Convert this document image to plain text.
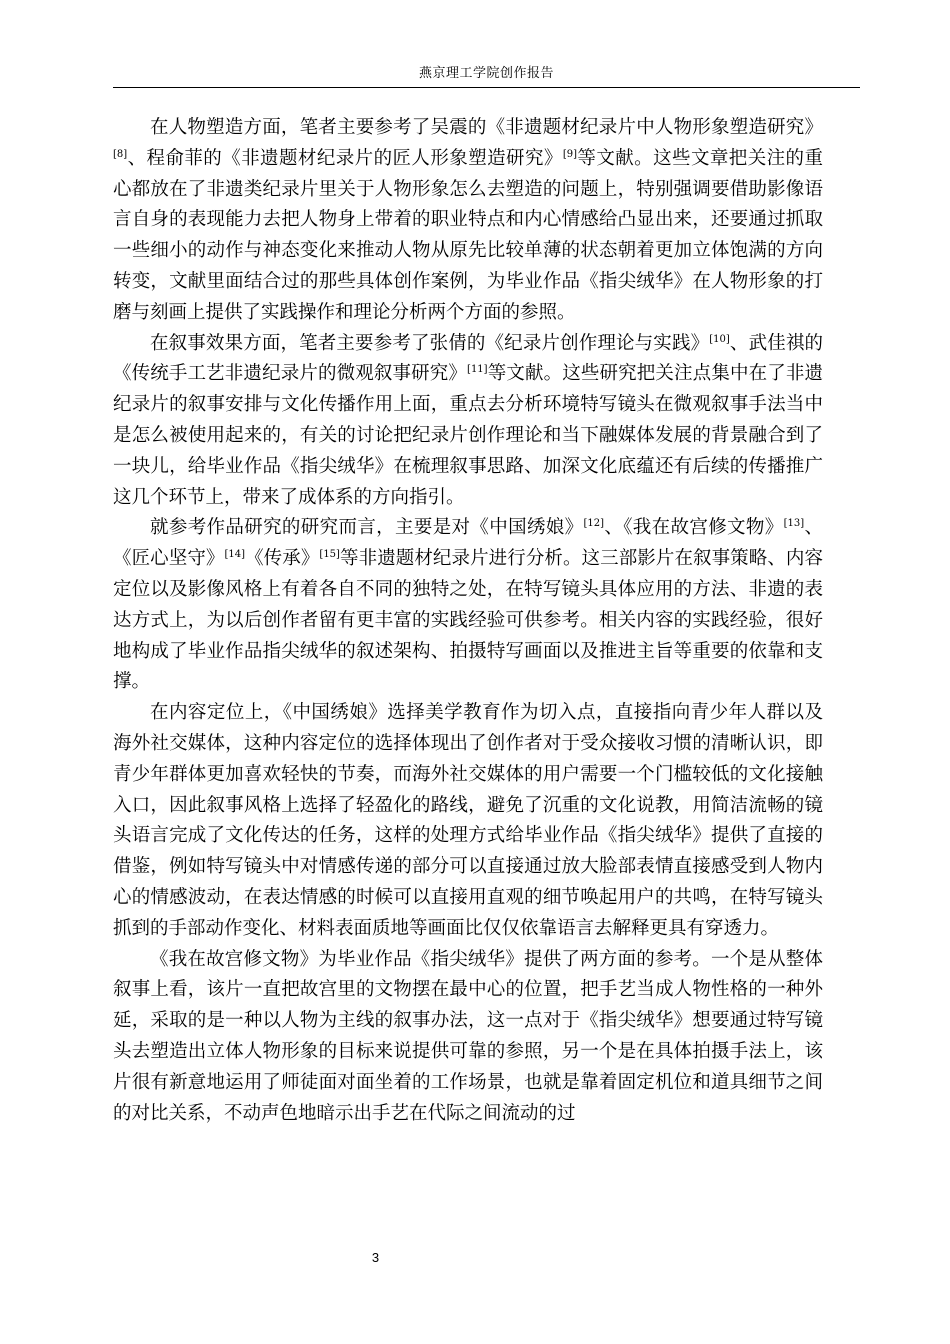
燕京理工学院创作报告

在人物塑造方面，笔者主要参考了吴震的《非遗题材纪录片中人物形象塑造研究》[8]、程俞菲的《非遗题材纪录片的匠人形象塑造研究》[9]等文献。这些文章把关注的重心都放在了非遗类纪录片里关于人物形象怎么去塑造的问题上，特别强调要借助影像语言自身的表现能力去把人物身上带着的职业特点和内心情感给凸显出来，还要通过抓取一些细小的动作与神态变化来推动人物从原先比较单薄的状态朝着更加立体饱满的方向转变，文献里面结合过的那些具体创作案例，为毕业作品《指尖绒华》在人物形象的打磨与刻画上提供了实践操作和理论分析两个方面的参照。

在叙事效果方面，笔者主要参考了张倩的《纪录片创作理论与实践》[10]、武佳祺的《传统手工艺非遗纪录片的微观叙事研究》[11]等文献。这些研究把关注点集中在了非遗纪录片的叙事安排与文化传播作用上面，重点去分析环境特写镜头在微观叙事手法当中是怎么被使用起来的，有关的讨论把纪录片创作理论和当下融媒体发展的背景融合到了一块儿，给毕业作品《指尖绒华》在梳理叙事思路、加深文化底蕴还有后续的传播推广这几个环节上，带来了成体系的方向指引。

就参考作品研究的研究而言，主要是对《中国绣娘》[12]、《我在故宫修文物》[13]、《匠心坚守》[14]《传承》[15]等非遗题材纪录片进行分析。这三部影片在叙事策略、内容定位以及影像风格上有着各自不同的独特之处，在特写镜头具体应用的方法、非遗的表达方式上，为以后创作者留有更丰富的实践经验可供参考。相关内容的实践经验，很好地构成了毕业作品指尖绒华的叙述架构、拍摄特写画面以及推进主旨等重要的依靠和支撑。

在内容定位上，《中国绣娘》选择美学教育作为切入点，直接指向青少年人群以及海外社交媒体，这种内容定位的选择体现出了创作者对于受众接收习惯的清晰认识，即青少年群体更加喜欢轻快的节奏，而海外社交媒体的用户需要一个门槛较低的文化接触入口，因此叙事风格上选择了轻盈化的路线，避免了沉重的文化说教，用简洁流畅的镜头语言完成了文化传达的任务，这样的处理方式给毕业作品《指尖绒华》提供了直接的借鉴，例如特写镜头中对情感传递的部分可以直接通过放大脸部表情直接感受到人物内心的情感波动，在表达情感的时候可以直接用直观的细节唤起用户的共鸣，在特写镜头抓到的手部动作变化、材料表面质地等画面比仅仅依靠语言去解释更具有穿透力。

《我在故宫修文物》为毕业作品《指尖绒华》提供了两方面的参考。一个是从整体叙事上看，该片一直把故宫里的文物摆在最中心的位置，把手艺当成人物性格的一种外延，采取的是一种以人物为主线的叙事办法，这一点对于《指尖绒华》想要通过特写镜头去塑造出立体人物形象的目标来说提供可靠的参照，另一个是在具体拍摄手法上，该片很有新意地运用了师徒面对面坐着的工作场景，也就是靠着固定机位和道具细节之间的对比关系，不动声色地暗示出手艺在代际之间流动的过

3
